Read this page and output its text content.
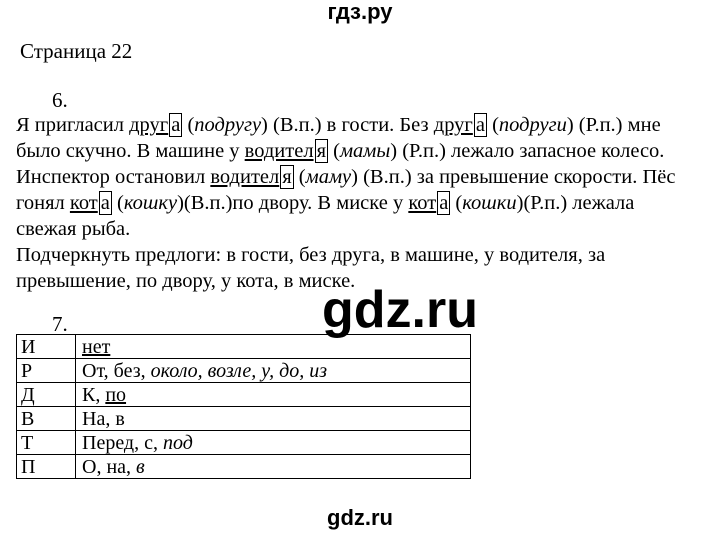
гдз.ру
Страница 22
6.
Я пригласил друг а (подругу) (В.п.) в гости. Без друг а (подруги) (Р.п.) мне
было скучно. В машине у водител я (мамы) (Р.п.) лежало запасное колесо.
Инспектор остановил водител я (маму) (В.п.) за превышение скорости. Пёс
гонял кот а (кошку)(В.п.)по двору. В миске у кот а (кошки)(Р.п.) лежала
свежая рыба.
Подчеркнуть предлоги: в гости, без друга, в машине, у водителя, за
превышение, по двору, у кота, в миске.
gdz.ru
7.
И	нет
Р	От, без, около, возле, у, до, из
Д	К, по
В	На, в
Т	Перед, с, под
П	О, на, в
gdz.ru
